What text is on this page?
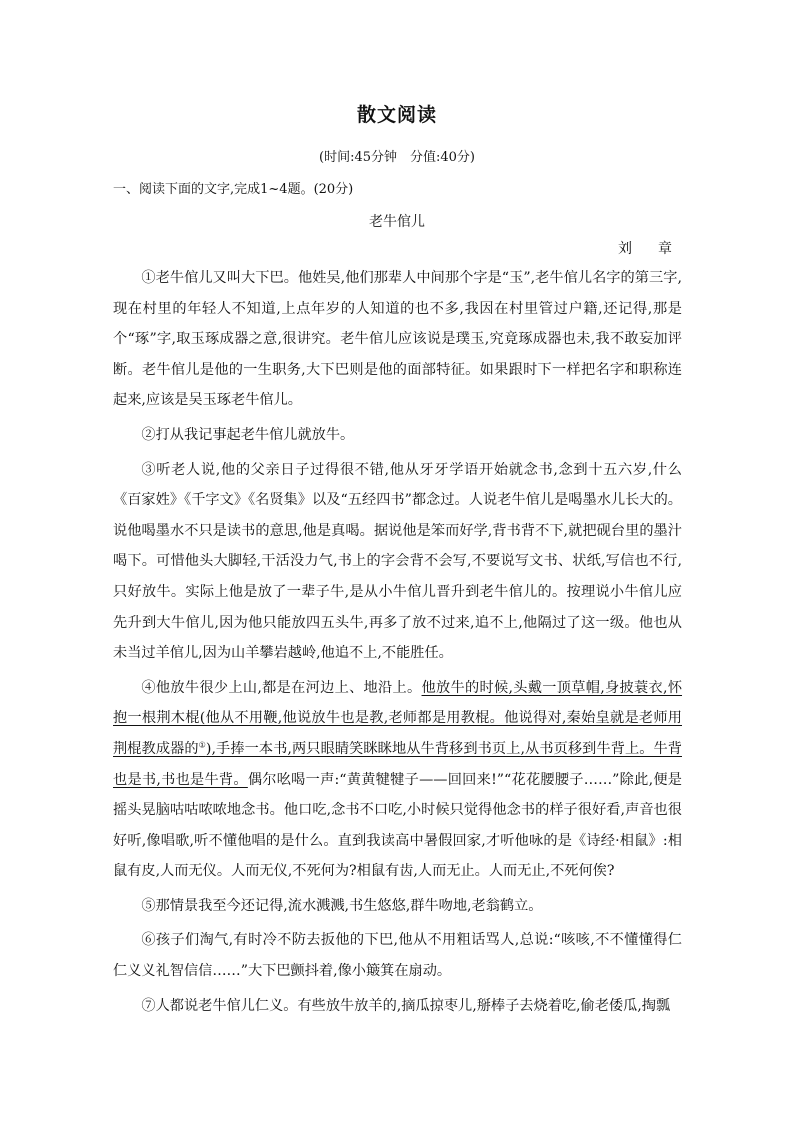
散文阅读
(时间:45分钟　分值:40分)
一、阅读下面的文字,完成1~4题。(20分)
老牛倌儿
刘　章

①老牛倌儿又叫大下巴。他姓吴,他们那辈人中间那个字是“玉”,老牛倌儿名字的第三字,现在村里的年轻人不知道,上点年岁的人知道的也不多,我因在村里管过户籍,还记得,那是个“琢”字,取玉琢成器之意,很讲究。老牛倌儿应该说是璞玉,究竟琢成器也未,我不敢妄加评断。老牛倌儿是他的一生职务,大下巴则是他的面部特征。如果跟时下一样把名字和职称连起来,应该是吴玉琢老牛倌儿。

②打从我记事起老牛倌儿就放牛。

③听老人说,他的父亲日子过得很不错,他从牙牙学语开始就念书,念到十五六岁,什么《百家姓》《千字文》《名贤集》以及“五经四书”都念过。人说老牛倌儿是喝墨水儿长大的。说他喝墨水不只是读书的意思,他是真喝。据说他是笨而好学,背书背不下,就把砚台里的墨汁喝下。可惜他头大脚轻,干活没力气,书上的字会背不会写,不要说写文书、状纸,写信也不行,只好放牛。实际上他是放了一辈子牛,是从小牛倌儿晋升到老牛倌儿的。按理说小牛倌儿应先升到大牛倌儿,因为他只能放四五头牛,再多了放不过来,追不上,他隔过了这一级。他也从未当过羊倌儿,因为山羊攀岩越岭,他追不上,不能胜任。

④他放牛很少上山,都是在河边上、地沿上。他放牛的时候,头戴一顶草帽,身披蓑衣,怀抱一根荆木棍(他从不用鞭,他说放牛也是教,老师都是用教棍。他说得对,秦始皇就是老师用荆棍教成器的①),手捧一本书,两只眼睛笑眯眯地从牛背移到书页上,从书页移到牛背上。牛背也是书,书也是牛背。偶尔吆喝一声:“黄黄犍犍子——回回来!”“花花腰腰子……”除此,便是摇头晃脑咕咕哝哝地念书。他口吃,念书不口吃,小时候只觉得他念书的样子很好看,声音也很好听,像唱歌,听不懂他唱的是什么。直到我读高中暑假回家,才听他咏的是《诗经·相鼠》:相鼠有皮,人而无仪。人而无仪,不死何为?相鼠有齿,人而无止。人而无止,不死何俟?

⑤那情景我至今还记得,流水溅溅,书生悠悠,群牛吻地,老翁鹤立。

⑥孩子们淘气,有时冷不防去扳他的下巴,他从不用粗话骂人,总说:“咳咳,不不懂懂得仁仁义义礼智信信……”大下巴颤抖着,像小簸箕在扇动。

⑦人都说老牛倌儿仁义。有些放牛放羊的,摘瓜掠枣儿,掰棒子去烧着吃,偷老倭瓜,掏瓢
